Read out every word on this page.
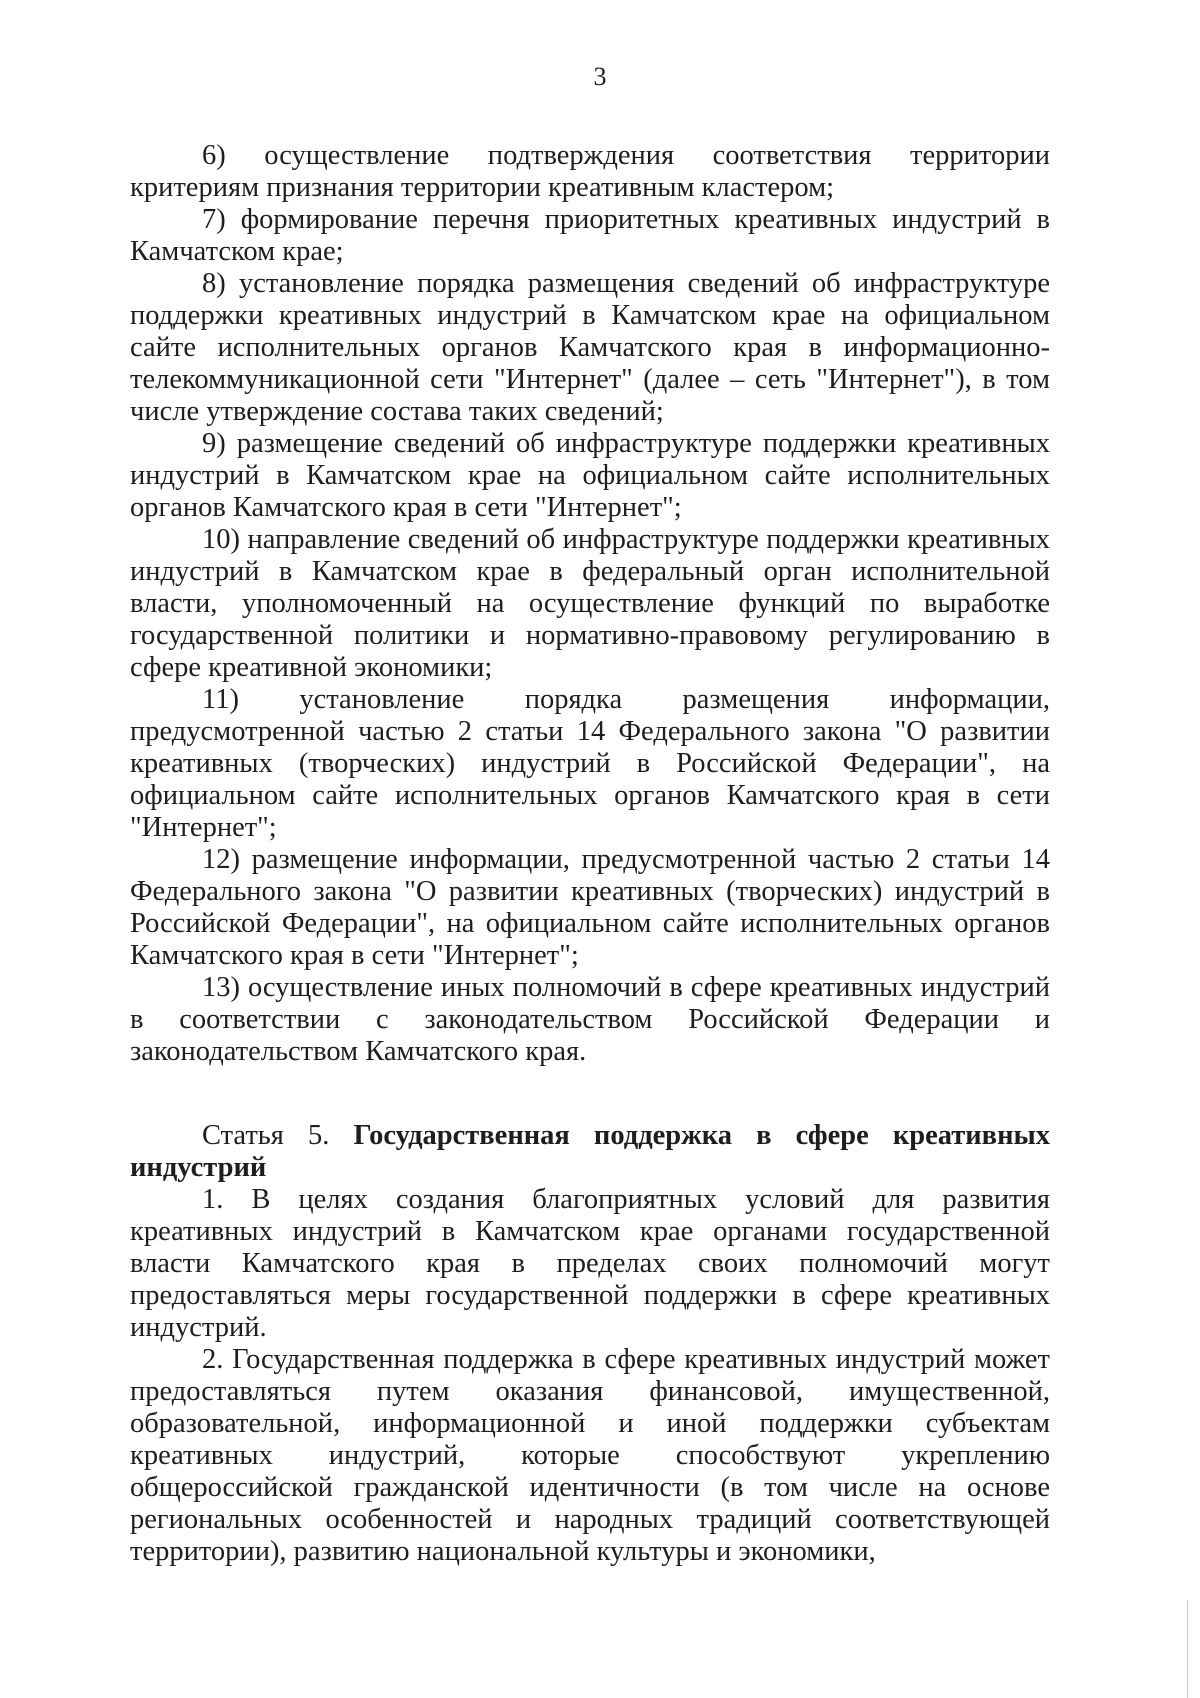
3

6) осуществление подтверждения соответствия территории критериям признания территории креативным кластером;

7) формирование перечня приоритетных креативных индустрий в Камчатском крае;

8) установление порядка размещения сведений об инфраструктуре поддержки креативных индустрий в Камчатском крае на официальном сайте исполнительных органов Камчатского края в информационно-телекоммуникационной сети "Интернет" (далее – сеть "Интернет"), в том числе утверждение состава таких сведений;

9) размещение сведений об инфраструктуре поддержки креативных индустрий в Камчатском крае на официальном сайте исполнительных органов Камчатского края в сети "Интернет";

10) направление сведений об инфраструктуре поддержки креативных индустрий в Камчатском крае в федеральный орган исполнительной власти, уполномоченный на осуществление функций по выработке государственной политики и нормативно-правовому регулированию в сфере креативной экономики;

11) установление порядка размещения информации, предусмотренной частью 2 статьи 14 Федерального закона "О развитии креативных (творческих) индустрий в Российской Федерации", на официальном сайте исполнительных органов Камчатского края в сети "Интернет";

12) размещение информации, предусмотренной частью 2 статьи 14 Федерального закона "О развитии креативных (творческих) индустрий в Российской Федерации", на официальном сайте исполнительных органов Камчатского края в сети "Интернет";

13) осуществление иных полномочий в сфере креативных индустрий в соответствии с законодательством Российской Федерации и законодательством Камчатского края.

Статья 5. Государственная поддержка в сфере креативных индустрий

1. В целях создания благоприятных условий для развития креативных индустрий в Камчатском крае органами государственной власти Камчатского края в пределах своих полномочий могут предоставляться меры государственной поддержки в сфере креативных индустрий.

2. Государственная поддержка в сфере креативных индустрий может предоставляться путем оказания финансовой, имущественной, образовательной, информационной и иной поддержки субъектам креативных индустрий, которые способствуют укреплению общероссийской гражданской идентичности (в том числе на основе региональных особенностей и народных традиций соответствующей территории), развитию национальной культуры и экономики,
